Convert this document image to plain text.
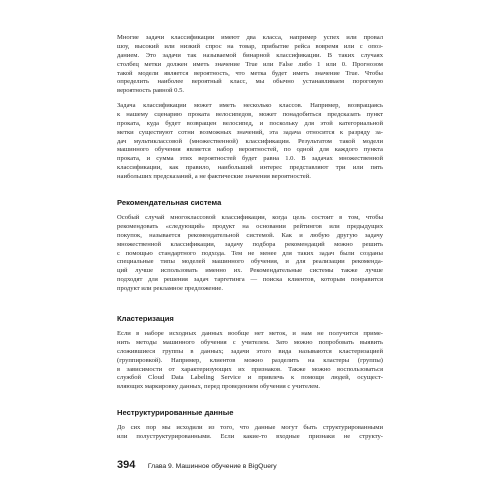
Многие задачи классификации имеют два класса, например успех или провал
шоу, высокий или низкий спрос на товар, прибытие рейса вовремя или с опоз-
данием. Это задачи так называемой бинарной классификации. В таких случаях
столбец метки должен иметь значение True или False либо 1 или 0. Прогнозом
такой модели является вероятность, что метка будет иметь значение True. Чтобы
определить наиболее вероятный класс, мы обычно устанавливаем пороговую
вероятность равной 0.5.
Задача классификации может иметь несколько классов. Например, возвращаясь
к нашему сценарию проката велосипедов, может понадобиться предсказать пункт
проката, куда будет возвращен велосипед, и поскольку для этой категориальной
метки существуют сотни возможных значений, эта задача относится к разряду за-
дач мультиклассовой (множественной) классификации. Результатом такой модели
машинного обучения является набор вероятностей, по одной для каждого пункта
проката, и сумма этих вероятностей будет равна 1.0. В задачах множественной
классификации, как правило, наибольший интерес представляют три или пять
наибольших предсказаний, а не фактические значения вероятностей.
Рекомендательная система
Особый случай многоклассовой классификации, когда цель состоит в том, чтобы
рекомендовать «следующий» продукт на основании рейтингов или предыдущих
покупок, называется рекомендательной системой. Как и любую другую задачу
множественной классификации, задачу подбора рекомендаций можно решить
с помощью стандартного подхода. Тем не менее для таких задач были созданы
специальные типы моделей машинного обучения, и для реализации рекоменда-
ций лучше использовать именно их. Рекомендательные системы также лучше
подходят для решения задач таргетинга — поиска клиентов, которым понравится
продукт или рекламное предложение.
Кластеризация
Если в наборе исходных данных вообще нет меток, и нам не получится приме-
нить методы машинного обучения с учителем. Зато можно попробовать выявить
сложившиеся группы в данных; задачи этого вида называются кластеризацией
(группировкой). Например, клиентов можно разделить на кластеры (группы)
в зависимости от характеризующих их признаков. Также можно воспользоваться
службой Cloud Data Labeling Service и привлечь к помощи людей, осущест-
вляющих маркировку данных, перед проведением обучения с учителем.
Неструктурированные данные
До сих пор мы исходили из того, что данные могут быть структурированными
или полуструктурированными. Если какие-то входные признаки не структу-
394 Глава 9. Машинное обучение в BigQuery
